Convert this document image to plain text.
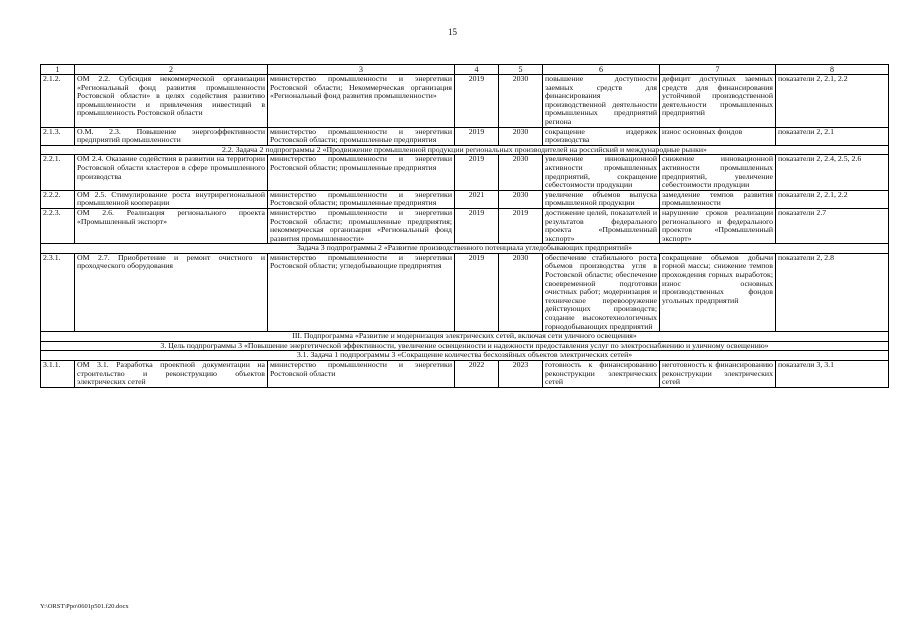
15
1	2	3	4	5	6	7	8
2.1.2.	ОМ 2.2. Субсидия некоммерческой организации «Региональный фонд развития промышленности Ростовской области» в целях содействия развитию промышленности и привлечения инвестиций в промышленность Ростовской области	министерство промышленности и энергетики Ростовской области; Некоммерческая организация «Региональный фонд развития промышленности»	2019	2030	повышение доступности заемных средств для финансирования производственной деятельности промышленных предприятий региона	дефицит доступных заемных средств для финансирования устойчивой производственной деятельности промышленных предприятий	показатели 2, 2.1, 2.2
2.1.3.	О.М. 2.3. Повышение энергоэффективности предприятий промышленности	министерство промышленности и энергетики Ростовской области; промышленные предприятия	2019	2030	сокращение издержек производства	износ основных фондов	показатели 2, 2.1
2.2. Задача 2 подпрограммы 2 «Продвижение промышленной продукции региональных производителей на российский и международные рынки»							
2.2.1.	ОМ 2.4. Оказание содействия в развитии на территории Ростовской области кластеров в сфере промышленного производства	министерство промышленности и энергетики Ростовской области; промышленные предприятия	2019	2030	увеличение инновационной активности промышленных предприятий, сокращение себестоимости продукции	снижение инновационной активности промышленных предприятий, увеличение себестоимости продукции	показатели 2, 2.4, 2.5, 2.6
2.2.2.	ОМ 2.5. Стимулирование роста внутрирегиональной промышленной кооперации	министерство промышленности и энергетики Ростовской области; промышленные предприятия	2021	2030	увеличение объемов выпуска промышленной продукции	замедление темпов развития промышленности	показатели 2, 2.1, 2.2
2.2.3.	ОМ 2.6. Реализация регионального проекта «Промышленный экспорт»	министерство промышленности и энергетики Ростовской области; промышленные предприятия; некоммерческая организация «Региональный фонд развития промышленности»	2019	2019	достижение целей, показателей и результатов федерального проекта «Промышленный экспорт»	нарушение сроков реализации регионального и федерального проектов «Промышленный экспорт»	показатели 2.7
Задача 3 подпрограммы 2 «Развитие производственного потенциала угледобывающих предприятий»							
2.3.1.	ОМ 2.7. Приобретение и ремонт очистного и проходческого оборудования	министерство промышленности и энергетики Ростовской области; угледобывающие предприятия	2019	2030	обеспечение стабильного роста объемов производства угля в Ростовской области; обеспечение своевременной подготовки очистных работ; модернизация и техническое перевооружение действующих производств; создание высокотехнологичных горнодобывающих предприятий	сокращение объемов добычи горной массы; снижение темпов прохождения горных выработок; износ основных производственных фондов угольных предприятий	показатели 2, 2.8
III. Подпрограмма «Развитие и модернизация электрических сетей, включая сети уличного освещения»							
3. Цель подпрограммы 3 «Повышение энергетической эффективности, увеличение освещенности и надежности предоставления услуг по электроснабжению и уличному освещению»							
3.1. Задача 1 подпрограммы 3 «Сокращение количества бесхозяйных объектов электрических сетей»							
3.1.1.	ОМ 3.1. Разработка проектной документации на строительство и реконструкцию объектов электрических сетей	министерство промышленности и энергетики Ростовской области	2022	2023	готовность к финансированию реконструкции электрических сетей	неготовность к финансированию реконструкции электрических сетей	показатели 3, 3.1
Y:\ORST\Ppo\0601p501.f20.docx
